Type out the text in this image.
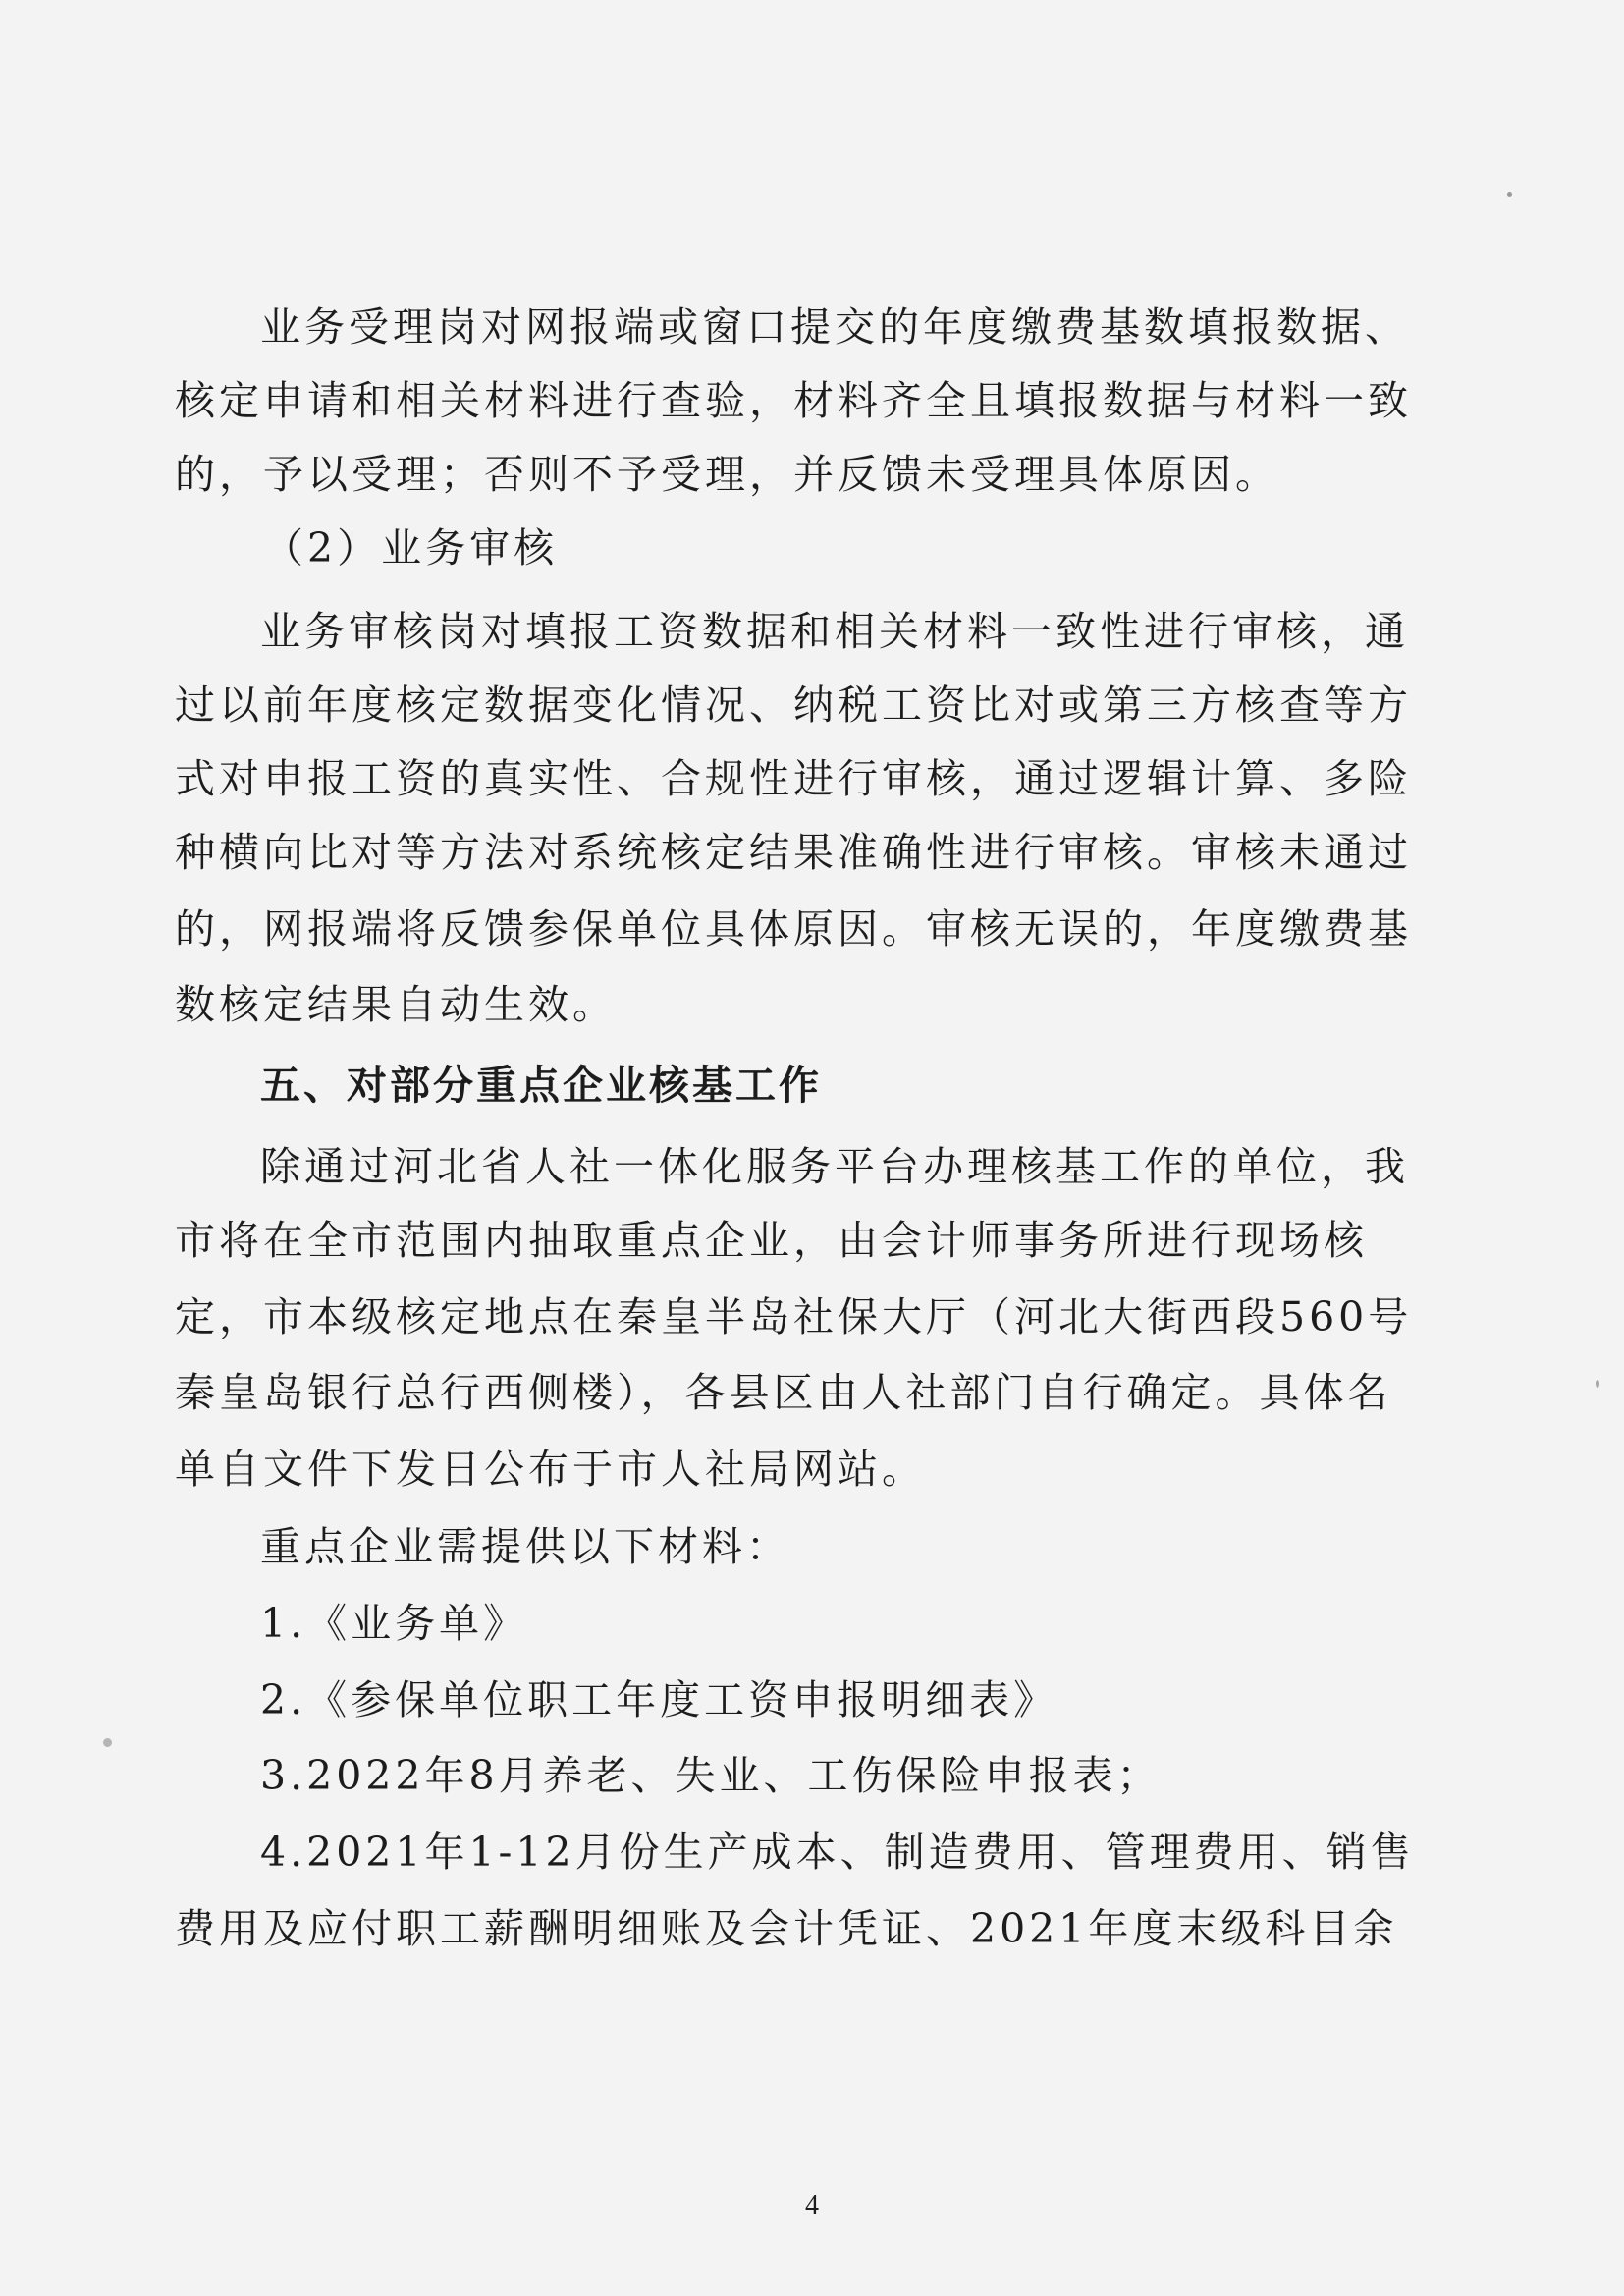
业务受理岗对网报端或窗口提交的年度缴费基数填报数据、
核定申请和相关材料进行查验，材料齐全且填报数据与材料一致
的，予以受理；否则不予受理，并反馈未受理具体原因。
（2）业务审核
业务审核岗对填报工资数据和相关材料一致性进行审核，通
过以前年度核定数据变化情况、纳税工资比对或第三方核查等方
式对申报工资的真实性、合规性进行审核，通过逻辑计算、多险
种横向比对等方法对系统核定结果准确性进行审核。审核未通过
的，网报端将反馈参保单位具体原因。审核无误的，年度缴费基
数核定结果自动生效。
五、对部分重点企业核基工作
除通过河北省人社一体化服务平台办理核基工作的单位，我
市将在全市范围内抽取重点企业，由会计师事务所进行现场核
定，市本级核定地点在秦皇半岛社保大厅（河北大街西段560号
秦皇岛银行总行西侧楼），各县区由人社部门自行确定。具体名
单自文件下发日公布于市人社局网站。
重点企业需提供以下材料：
1.《业务单》
2.《参保单位职工年度工资申报明细表》
3.2022年8月养老、失业、工伤保险申报表；
4.2021年1-12月份生产成本、制造费用、管理费用、销售
费用及应付职工薪酬明细账及会计凭证、2021年度末级科目余
4
